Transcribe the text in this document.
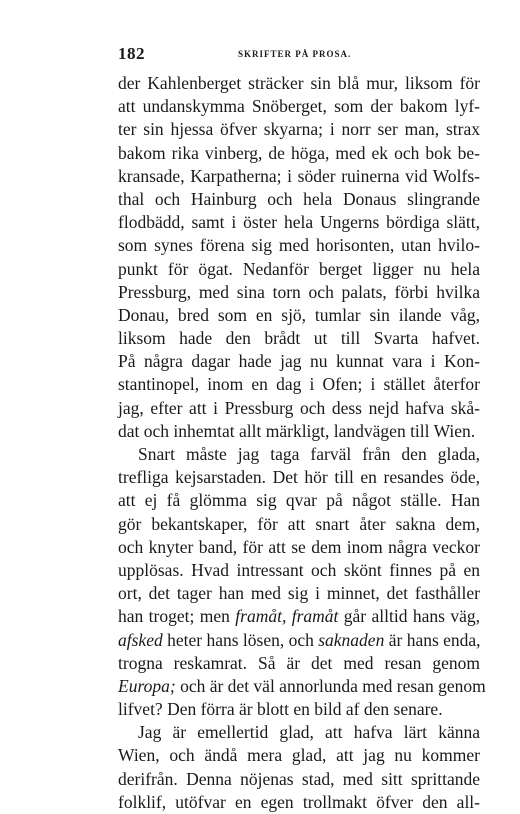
182	SKRIFTER PÅ PROSA.
der Kahlenberget sträcker sin blå mur, liksom för
att undanskymma Snöberget, som der bakom lyf-
ter sin hjessa öfver skyarna; i norr ser man, strax
bakom rika vinberg, de höga, med ek och bok be-
kransade, Karpatherna; i söder ruinerna vid Wolfs-
thal och Hainburg och hela Donaus slingrande
flodbädd, samt i öster hela Ungerns bördiga slätt,
som synes förena sig med horisonten, utan hvilo-
punkt för ögat. Nedanför berget ligger nu hela
Pressburg, med sina torn och palats, förbi hvilka
Donau, bred som en sjö, tumlar sin ilande våg,
liksom hade den brådt ut till Svarta hafvet.
På några dagar hade jag nu kunnat vara i Kon-
stantinopel, inom en dag i Ofen; i stället återfor
jag, efter att i Pressburg och dess nejd hafva skå-
dat och inhemtat allt märkligt, landvägen till Wien.
Snart måste jag taga farväl från den glada,
trefliga kejsarstaden. Det hör till en resandes öde,
att ej få glömma sig qvar på något ställe. Han
gör bekantskaper, för att snart åter sakna dem,
och knyter band, för att se dem inom några veckor
upplösas. Hvad intressant och skönt finnes på en
ort, det tager han med sig i minnet, det fasthåller
han troget; men framåt, framåt går alltid hans väg,
afsked heter hans lösen, och saknaden är hans enda,
trogna reskamrat. Så är det med resan genom
Europa; och är det väl annorlunda med resan genom
lifvet? Den förra är blott en bild af den senare.
Jag är emellertid glad, att hafva lärt känna
Wien, och ändå mera glad, att jag nu kommer
derifrån. Denna nöjenas stad, med sitt sprittande
folklif, utöfvar en egen trollmakt öfver den all-
